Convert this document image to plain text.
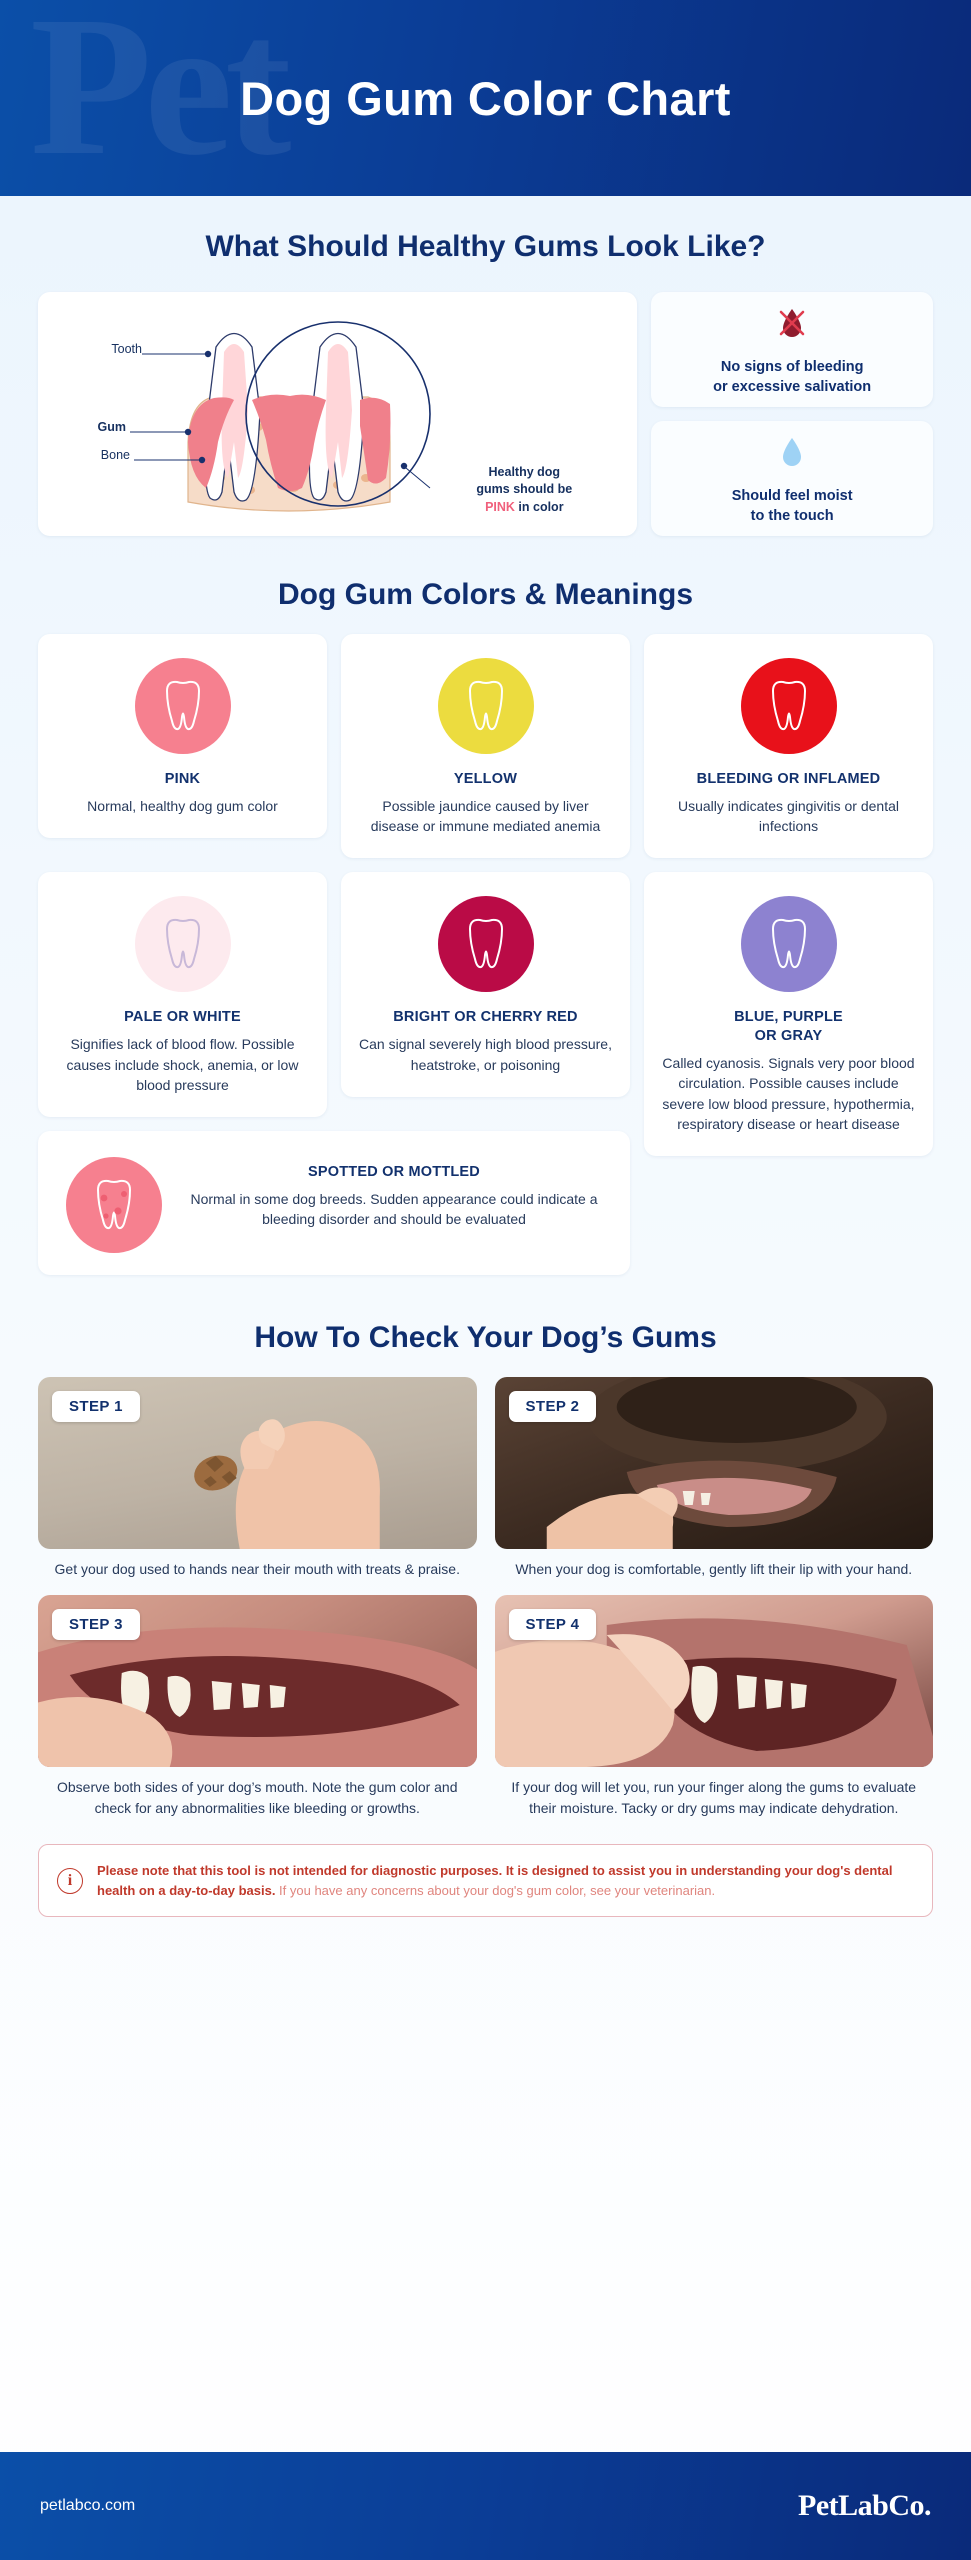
Pet
Dog Gum Color Chart
What Should Healthy Gums Look Like?
Tooth
Gum
Bone
Healthy dog
gums should be
PINK in color
No signs of bleeding
or excessive salivation
Should feel moist
to the touch
Dog Gum Colors & Meanings
PINK
Normal, healthy dog gum color
YELLOW
Possible jaundice caused by liver disease or immune mediated anemia
BLEEDING OR INFLAMED
Usually indicates gingivitis or dental infections
PALE OR WHITE
Signifies lack of blood flow. Possible causes include shock, anemia, or low blood pressure
BRIGHT OR CHERRY RED
Can signal severely high blood pressure, heatstroke, or poisoning
BLUE, PURPLE
OR GRAY
Called cyanosis. Signals very poor blood circulation. Possible causes include severe low blood pressure, hypothermia, respiratory disease or heart disease
SPOTTED OR MOTTLED
Normal in some dog breeds. Sudden appearance could indicate a bleeding disorder and should be evaluated
How To Check Your Dog’s Gums
STEP 1
Get your dog used to hands near their mouth with treats & praise.
STEP 2
When your dog is comfortable, gently lift their lip with your hand.
STEP 3
Observe both sides of your dog’s mouth. Note the gum color and check for any abnormalities like bleeding or growths.
STEP 4
If your dog will let you, run your finger along the gums to evaluate their moisture. Tacky or dry gums may indicate dehydration.
i
Please note that this tool is not intended for diagnostic purposes. It is designed to assist you in understanding your dog's dental health on a day-to-day basis. If you have any concerns about your dog's gum color, see your veterinarian.
petlabco.com	PetLabCo.
